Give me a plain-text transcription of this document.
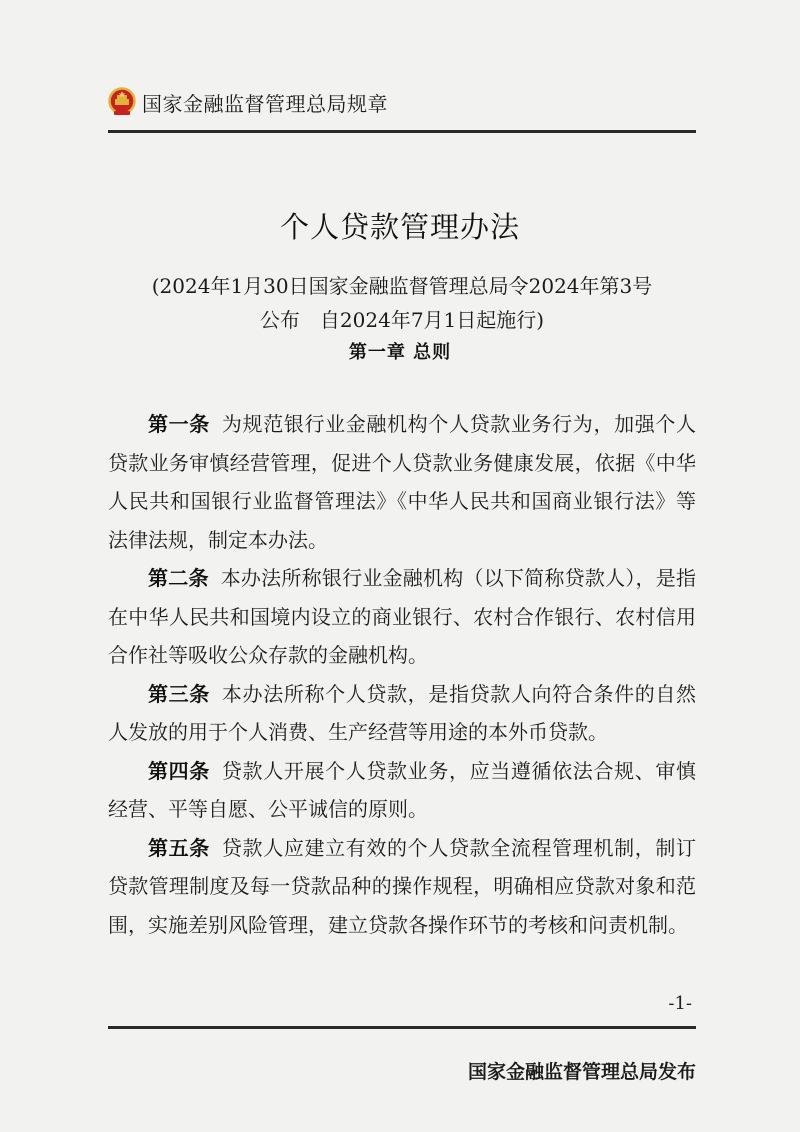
国家金融监督管理总局规章
个人贷款管理办法
(2024年1月30日国家金融监督管理总局令2024年第3号
公布　自2024年7月1日起施行)
第一章 总则

第一条 为规范银行业金融机构个人贷款业务行为，加强个人贷款业务审慎经营管理，促进个人贷款业务健康发展，依据《中华人民共和国银行业监督管理法》《中华人民共和国商业银行法》等法律法规，制定本办法。

第二条 本办法所称银行业金融机构（以下简称贷款人），是指在中华人民共和国境内设立的商业银行、农村合作银行、农村信用合作社等吸收公众存款的金融机构。

第三条 本办法所称个人贷款，是指贷款人向符合条件的自然人发放的用于个人消费、生产经营等用途的本外币贷款。

第四条 贷款人开展个人贷款业务，应当遵循依法合规、审慎经营、平等自愿、公平诚信的原则。

第五条 贷款人应建立有效的个人贷款全流程管理机制，制订贷款管理制度及每一贷款品种的操作规程，明确相应贷款对象和范围，实施差别风险管理，建立贷款各操作环节的考核和问责机制。

-1-
国家金融监督管理总局发布
